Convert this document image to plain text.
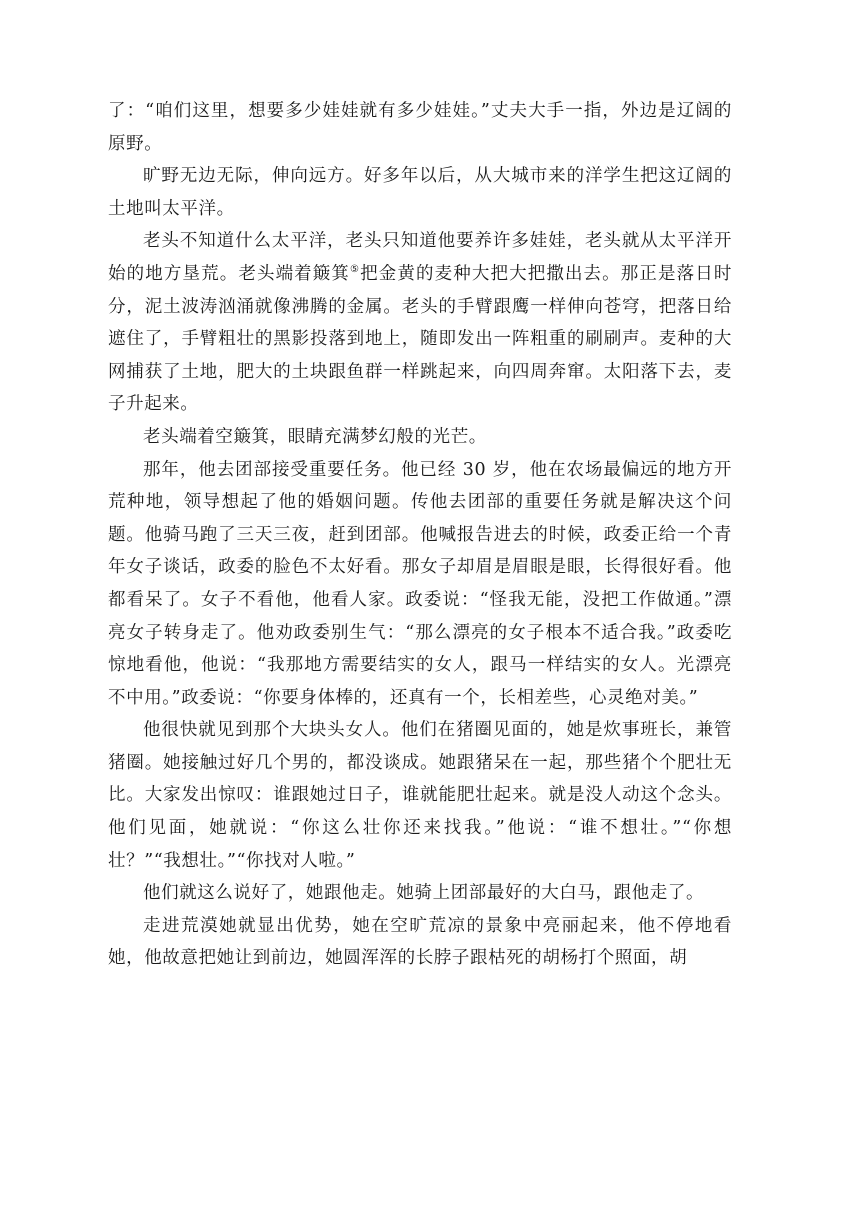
了：“咱们这里，想要多少娃娃就有多少娃娃。”丈夫大手一指，外边是辽阔的原野。

旷野无边无际，伸向远方。好多年以后，从大城市来的洋学生把这辽阔的土地叫太平洋。

老头不知道什么太平洋，老头只知道他要养许多娃娃，老头就从太平洋开始的地方垦荒。老头端着簸箕⑤把金黄的麦种大把大把撒出去。那正是落日时分，泥土波涛汹涌就像沸腾的金属。老头的手臂跟鹰一样伸向苍穹，把落日给遮住了，手臂粗壮的黑影投落到地上，随即发出一阵粗重的刷刷声。麦种的大网捕获了土地，肥大的土块跟鱼群一样跳起来，向四周奔窜。太阳落下去，麦子升起来。

老头端着空簸箕，眼睛充满梦幻般的光芒。

那年，他去团部接受重要任务。他已经 30 岁，他在农场最偏远的地方开荒种地，领导想起了他的婚姻问题。传他去团部的重要任务就是解决这个问题。他骑马跑了三天三夜，赶到团部。他喊报告进去的时候，政委正给一个青年女子谈话，政委的脸色不太好看。那女子却眉是眉眼是眼，长得很好看。他都看呆了。女子不看他，他看人家。政委说：“怪我无能，没把工作做通。”漂亮女子转身走了。他劝政委别生气：“那么漂亮的女子根本不适合我。”政委吃惊地看他，他说：“我那地方需要结实的女人，跟马一样结实的女人。光漂亮不中用。”政委说：“你要身体棒的，还真有一个，长相差些，心灵绝对美。”

他很快就见到那个大块头女人。他们在猪圈见面的，她是炊事班长，兼管猪圈。她接触过好几个男的，都没谈成。她跟猪呆在一起，那些猪个个肥壮无比。大家发出惊叹：谁跟她过日子，谁就能肥壮起来。就是没人动这个念头。他们见面，她就说：“你这么壮你还来找我。”他说：“谁不想壮。”“你想壮？”“我想壮。”“你找对人啦。”

他们就这么说好了，她跟他走。她骑上团部最好的大白马，跟他走了。

走进荒漠她就显出优势，她在空旷荒凉的景象中亮丽起来，他不停地看她，他故意把她让到前边，她圆浑浑的长脖子跟枯死的胡杨打个照面，胡
